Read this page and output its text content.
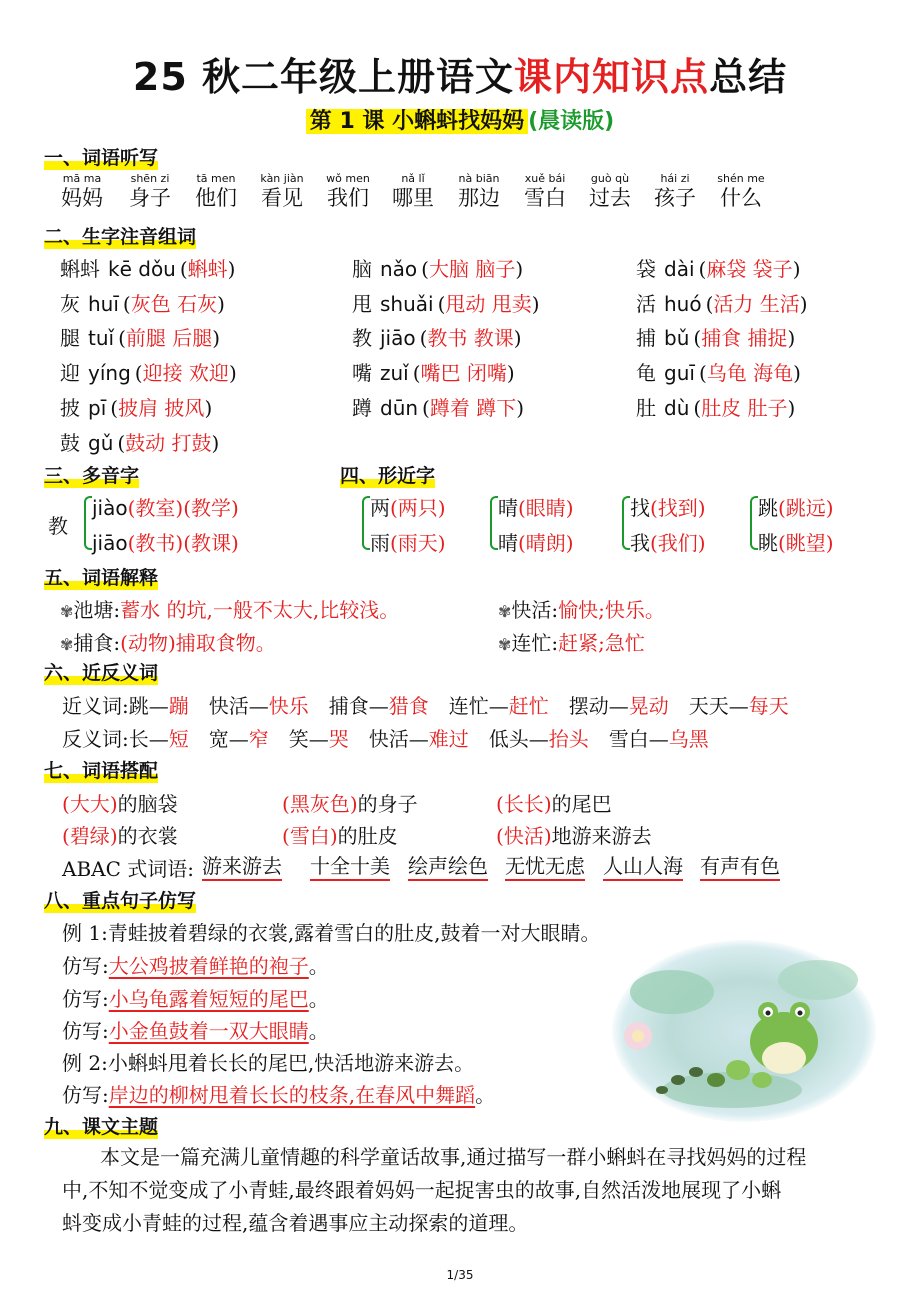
25 秋二年级上册语文课内知识点总结
第 1 课 小蝌蚪找妈妈 (晨读版)
一、词语听写
mā ma
妈妈
shēn zi
身子
tā men
他们
kàn jiàn
看见
wǒ men
我们
nǎ lǐ
哪里
nà biān
那边
xuě bái
雪白
guò qù
过去
hái zi
孩子
shén me
什么
二、生字注音组词
蝌蚪 kē dǒu (蝌蚪)	脑 nǎo (大脑 脑子)	袋 dài (麻袋 袋子)
灰 huī (灰色 石灰)	甩 shuǎi (甩动 甩卖)	活 huó (活力 生活)
腿 tuǐ (前腿 后腿)	教 jiāo (教书 教课)	捕 bǔ (捕食 捕捉)
迎 yíng (迎接 欢迎)	嘴 zuǐ (嘴巴 闭嘴)	龟 guī (乌龟 海龟)
披 pī (披肩 披风)	蹲 dūn (蹲着 蹲下)	肚 dù (肚皮 肚子)
鼓 gǔ (鼓动 打鼓)
三、多音字	四、形近字
教
jiào(教室)(教学)
jiāo(教书)(教课)
两(两只)
雨(雨天)
晴(眼睛)
晴(晴朗)
找(找到)
我(我们)
跳(跳远)
眺(眺望)
五、词语解释
✾池塘:蓄水 的坑,一般不太大,比较浅。	✾快活:愉快;快乐。
✾捕食:(动物)捕取食物。	✾连忙:赶紧;急忙
六、近反义词
近义词:跳—蹦 快活—快乐 捕食—猎食 连忙—赶忙 摆动—晃动 天天—每天
反义词:长—短 宽—窄 笑—哭 快活—难过 低头—抬头 雪白—乌黑
七、词语搭配
(大大)的脑袋	(黑灰色)的身子	(长长)的尾巴
(碧绿)的衣裳	(雪白)的肚皮	(快活)地游来游去
ABAC 式词语: 游来游去 十全十美 绘声绘色 无忧无虑 人山人海 有声有色
八、重点句子仿写
例 1:青蛙披着碧绿的衣裳,露着雪白的肚皮,鼓着一对大眼睛。
仿写:大公鸡披着鲜艳的袍子。
仿写:小乌龟露着短短的尾巴。
仿写:小金鱼鼓着一双大眼睛。
例 2:小蝌蚪甩着长长的尾巴,快活地游来游去。
仿写:岸边的柳树甩着长长的枝条,在春风中舞蹈。
九、课文主题
本文是一篇充满儿童情趣的科学童话故事,通过描写一群小蝌蚪在寻找妈妈的过程
中,不知不觉变成了小青蛙,最终跟着妈妈一起捉害虫的故事,自然活泼地展现了小蝌
蚪变成小青蛙的过程,蕴含着遇事应主动探索的道理。
1/35
